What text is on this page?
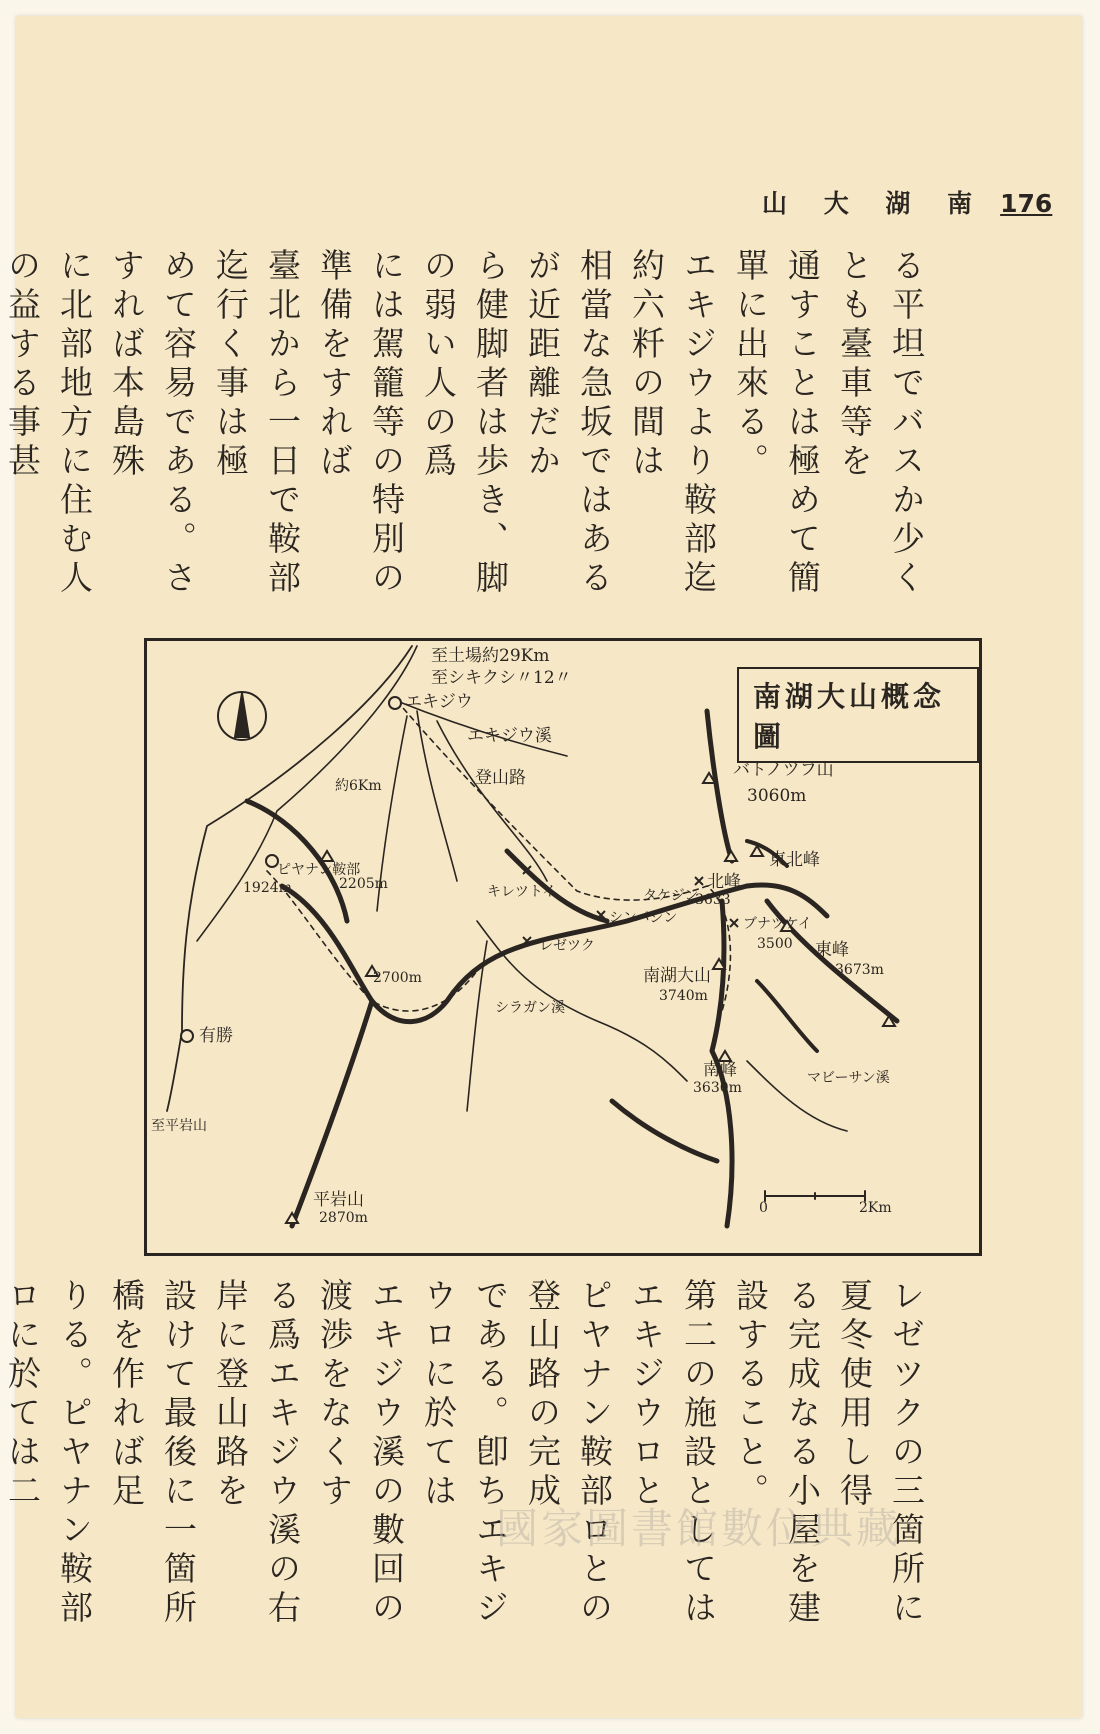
山 大 湖 南 176

る平坦でバスか少くとも臺車等を

通すことは極めて簡單に出來る。

エキジウより鞍部迄約六粁の間は

相當な急坂ではあるが近距離だか

ら健脚者は歩き、脚の弱い人の爲

には駕籠等の特別の準備をすれば

臺北から一日で鞍部迄行く事は極

めて容易である。さすれば本島殊

に北部地方に住む人の益する事甚

南湖大山概念圖
至土場約29Km
至シキクシ〃12〃
エキジウ
エキジウ溪
約6Km	登山路
ピヤナン鞍部
1924m	2205m	キレツトイ
バトノツフ山
3060m
北峰
3633
タケジン
東北峰
シンパジン	ブナツケイ
3500 東峰
3673m
2700m
レゼツク
南湖大山
3740m
シラガン溪
有勝
南峰
3630m
マビーサン溪
至平岩山
平岩山
2870m
0	2Km

レゼツクの三箇所に夏冬使用し得

る完成なる小屋を建設すること。

第二の施設としてはエキジウロと

ピヤナン鞍部ロとの登山路の完成

である。卽ちエキジウロに於ては

エキジウ溪の數回の渡渉をなくす

る爲エキジウ溪の右岸に登山路を

設けて最後に一箇所橋を作れば足

りる。ピヤナン鞍部ロに於ては二

國家圖書館數位典藏
